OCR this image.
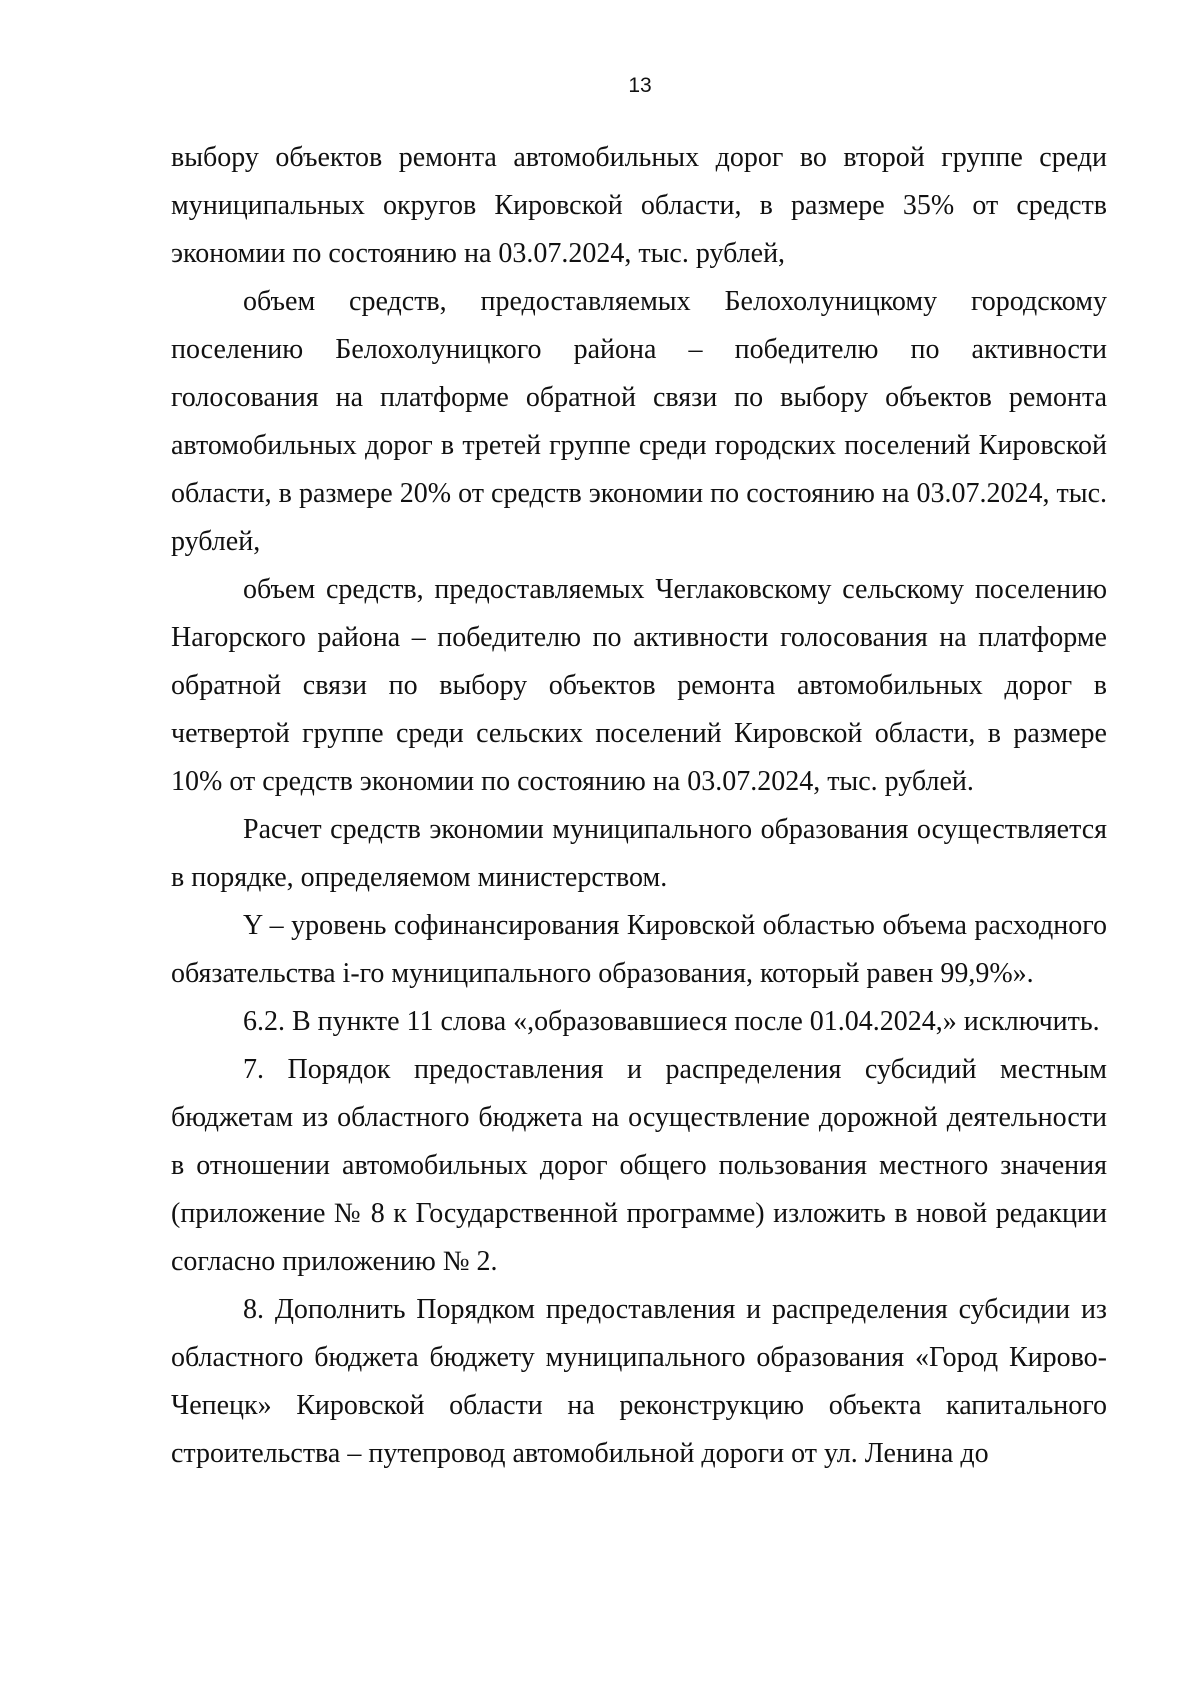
13

выбору объектов ремонта автомобильных дорог во второй группе среди муниципальных округов Кировской области, в размере 35% от средств экономии по состоянию на 03.07.2024, тыс. рублей,

объем средств, предоставляемых Белохолуницкому городскому поселению Белохолуницкого района – победителю по активности голосования на платформе обратной связи по выбору объектов ремонта автомобильных дорог в третей группе среди городских поселений Кировской области, в размере 20% от средств экономии по состоянию на 03.07.2024, тыс. рублей,

объем средств, предоставляемых Чеглаковскому сельскому поселению Нагорского района – победителю по активности голосования на платформе обратной связи по выбору объектов ремонта автомобильных дорог в четвертой группе среди сельских поселений Кировской области, в размере 10% от средств экономии по состоянию на 03.07.2024, тыс. рублей.

Расчет средств экономии муниципального образования осуществляется в порядке, определяемом министерством.

Y – уровень софинансирования Кировской областью объема расходного обязательства i-го муниципального образования, который равен 99,9%».

6.2. В пункте 11 слова «,образовавшиеся после 01.04.2024,» исключить.

7. Порядок предоставления и распределения субсидий местным бюджетам из областного бюджета на осуществление дорожной деятельности в отношении автомобильных дорог общего пользования местного значения (приложение № 8 к Государственной программе) изложить в новой редакции согласно приложению № 2.

8. Дополнить Порядком предоставления и распределения субсидии из областного бюджета бюджету муниципального образования «Город Кирово-Чепецк» Кировской области на реконструкцию объекта капитального строительства – путепровод автомобильной дороги от ул. Ленина до
